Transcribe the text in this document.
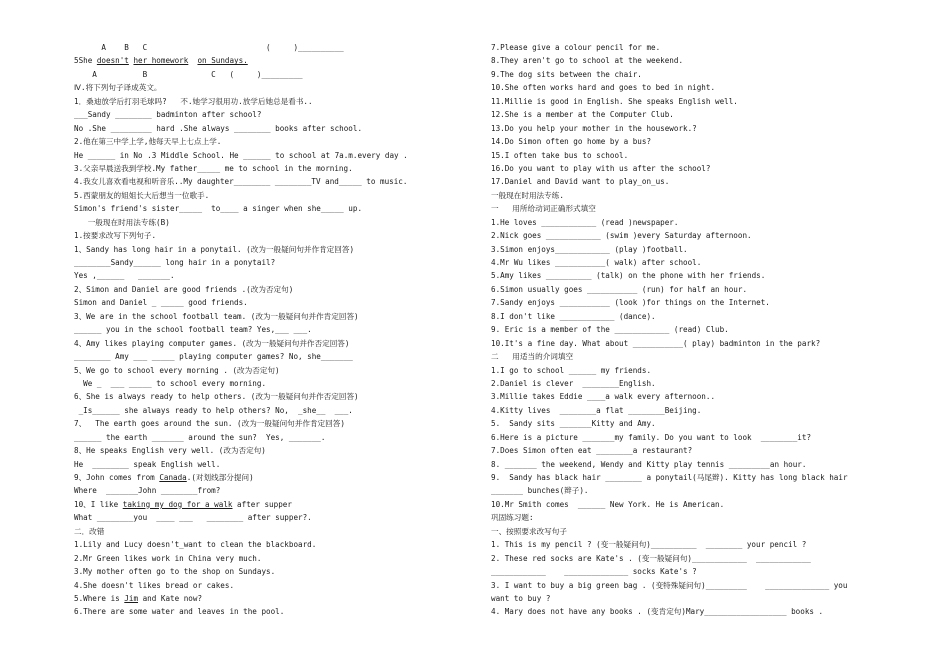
A    B   C                          (     )__________
5She doesn't her homework on Sundays.
A          B              C   (     )_________
Ⅳ.将下列句子译成英文。
1．桑迪放学后打羽毛球吗?   不.她学习很用功.放学后她总是看书..
___Sandy ________ badminton after school?
No .She _________ hard .She always ________ books after school.
2.他在第三中学上学,他每天早上七点上学.
He ______ in No .3 Middle School. He ______ to school at 7a.m.every day .
3.父亲早晨送我到学校.My father_____ me to school in the morning.
4.我女儿喜欢看电视和听音乐..My daughter________ ________TV and_____ to music.
5.西蒙朋友的姐姐长大后想当一位歌手.
Simon's friend's sister_____  to____ a singer when she_____ up.
一般现在时用法专练(B)
1.按要求改写下列句子.
1、Sandy has long hair in a ponytail. (改为一般疑问句并作肯定回答)
________Sandy______ long hair in a ponytail?
Yes ,______   _______.
2、Simon and Daniel are good friends .(改为否定句)
Simon and Daniel _ _____ good friends.
3、We are in the school football team. (改为一般疑问句并作肯定回答)
______ you in the school football team? Yes,___ ___.
4、Amy likes playing computer games. (改为一般疑问句并作否定回答)
________ Amy ___ _____ playing computer games? No, she_______
5、We go to school every morning . (改为否定句)
We _  ___ _____ to school every morning.
6、She is always ready to help others. (改为一般疑问句并作否定回答)
_Is______ she always ready to help others? No,  _she__  ___.
7、  The earth goes around the sun. (改为一般疑问句并作肯定回答)
______ the earth _______ around the sun?  Yes, _______.
8、He speaks English very well. (改为否定句)
He  ________ speak English well.
9、John comes from Canada.(对划线部分提问)
Where  _______John ________from?
10、I like taking my dog for a walk after supper
What ________you  ____ ___   ________ after supper?.
二．改错
1.Lily and Lucy doesn't_want to clean the blackboard.
2.Mr Green likes work in China very much.
3.My mother often go to the shop on Sundays.
4.She doesn't likes bread or cakes.
5.Where is Jim and Kate now?
6.There are some water and leaves in the pool.
7.Please give a colour pencil for me.
8.They aren't go to school at the weekend.
9.The dog sits between the chair.
10.She often works hard and goes to bed in night.
11.Millie is good in English. She speaks English well.
12.She is a member at the Computer Club.
13.Do you help your mother in the housework.?
14.Do Simon often go home by a bus?
15.I often take bus to school.
16.Do you want to play with us after the school?
17.Daniel and David want to play_on_us.
一般现在时用法专练.
一   用所给动词正确形式填空
1.He loves ____________ (read )newspaper.
2.Nick goes ____________ (swim )every Saturday afternoon.
3.Simon enjoys____________ (play )football.
4.Mr Wu likes ___________( walk) after school.
5.Amy likes __________ (talk) on the phone with her friends.
6.Simon usually goes ___________ (run) for half an hour.
7.Sandy enjoys ___________ (look )for things on the Internet.
8.I don't like ____________ (dance).
9. Eric is a member of the ____________ (read) Club.
10.It's a fine day. What about ___________( play) badminton in the park?
二   用适当的介词填空
1.I go to school ______ my friends.
2.Daniel is clever  ________English.
3.Millie takes Eddie ____a walk every afternoon..
4.Kitty lives  ________a flat ________Beijing.
5.  Sandy sits _______Kitty and Amy.
6.Here is a picture _______my family. Do you want to look  ________it?
7.Does Simon often eat ________a restaurant?
8. _______ the weekend, Wendy and Kitty play tennis _________an hour.
9.  Sandy has black hair ________ a ponytail(马尾辫). Kitty has long black hair
_______ bunches(辫子).
10.Mr Smith comes  ______ New York. He is American.
巩固练习题:
一、按照要求改写句子
1. This is my pencil ? (变一般疑问句)__________  ________ your pencil ?
2. These red socks are Kate's . (变一般疑问句)____________  ____________
____________    ______________ socks Kate's ?
3. I want to buy a big green bag . (变特殊疑问句)_________    ______________ you
want to buy ?
4. Mary does not have any books . (变肯定句)Mary__________________ books .
